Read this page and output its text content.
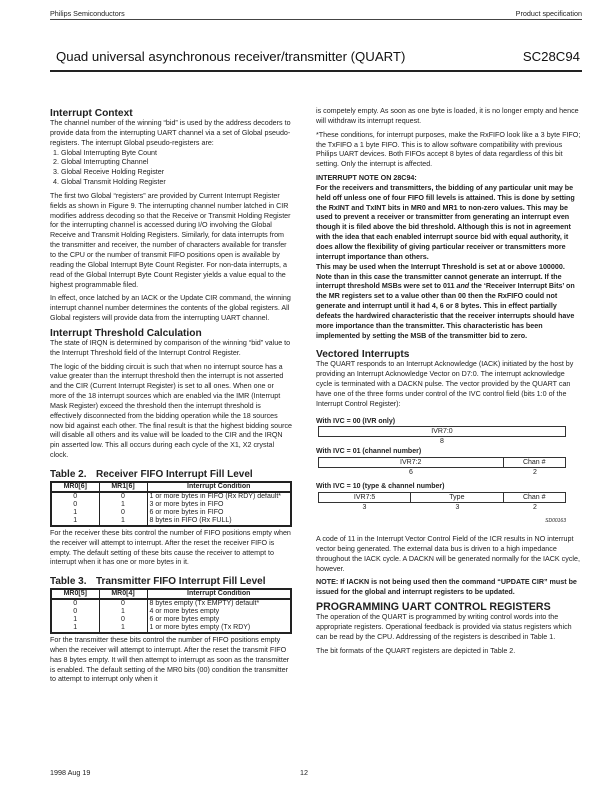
Philips Semiconductors	Product specification
Quad universal asynchronous receiver/transmitter (QUART)	SC28C94
Interrupt Context

The channel number of the winning “bid” is used by the address decoders to provide data from the interrupting UART channel via a set of Global pseudo-registers. The interrupt Global pseudo-registers are:

1. Global Interrupting Byte Count
2. Global Interrupting Channel
3. Global Receive Holding Register
4. Global Transmit Holding Register

The first two Global “registers” are provided by Current Interrupt Register fields as shown in Figure 9. The interrupting channel number latched in CIR modifies address decoding so that the Receive or Transmit Holding Register for the interrupting channel is accessed during I/O involving the Global Receive and Transmit Holding Registers. Similarly, for data interrupts from the transmitter and receiver, the number of characters available for transfer to the CPU or the number of transmit FIFO positions open is available by reading the Global Interrupt Byte Count Register. For non-data interrupts, a read of the Global Interrupt Byte Count Register yields a value equal to the highest programmable filed.

In effect, once latched by an IACK or the Update CIR command, the winning interrupt channel number determines the contents of the global registers. All Global registers will provide data from the interrupting UART channel.

Interrupt Threshold Calculation

The state of IRQN is determined by comparison of the winning “bid” value to the Interrupt Threshold field of the Interrupt Control Register.

The logic of the bidding circuit is such that when no interrupt source has a value greater than the interrupt threshold then the interrupt is not asserted and the CIR (Current Interrupt Register) is set to all ones. When one or more of the 18 interrupt sources which are enabled via the IMR (Interrupt Mask Register) exceed the threshold then the interrupt threshold is effectively disconnected from the bidding operation while the 18 sources now bid against each other. The final result is that the highest bidding source will disable all others and its value will be loaded to the CIR and the IRQN pin asserted low. This all occurs during each cycle of the X1, X2 crystal clock.

Table 2. Receiver FIFO Interrupt Fill Level
MR0[6]	MR1[6]	Interrupt Condition
0	0	1 or more bytes in FIFO (Rx RDY) default*
0	1	3 or more bytes in FIFO
1	0	6 or more bytes in FIFO
1	1	8 bytes in FIFO (Rx FULL)

For the receiver these bits control the number of FIFO positions empty when the receiver will attempt to interrupt. After the reset the receiver FIFO is empty. The default setting of these bits cause the receiver to attempt to interrupt when it has one or more bytes in it.

Table 3. Transmitter FIFO Interrupt Fill Level
MR0[5]	MR0[4]	Interrupt Condition
0	0	8 bytes empty (Tx EMPTY) default*
0	1	4 or more bytes empty
1	0	6 or more bytes empty
1	1	1 or more bytes empty (Tx RDY)

For the transmitter these bits control the number of FIFO positions empty when the receiver will attempt to interrupt. After the reset the transmit FIFO has 8 bytes empty. It will then attempt to interrupt as soon as the transmitter is enabled. The default setting of the MR0 bits (00) condition the transmitter to attempt to interrupt only when it

is competely empty. As soon as one byte is loaded, it is no longer empty and hence will withdraw its interrupt request.

*These conditions, for interrupt purposes, make the RxFIFO look like a 3 byte FIFO; the TxFIFO a 1 byte FIFO. This is to allow software compatibility with previous Philips UART devices. Both FIFOs accept 8 bytes of data regardless of this bit setting. Only the interrupt is affected.

INTERRUPT NOTE ON 28C94:

For the receivers and transmitters, the bidding of any particular unit may be held off unless one of four FIFO fill levels is attained. This is done by setting the RxINT and TxINT bits in MR0 and MR1 to non-zero values. This may be used to prevent a receiver or transmitter from generating an interrupt even though it is filed above the bid threshold. Although this is not in agreement with the idea that each enabled interrupt source bid with equal authority, it does allow the flexibility of giving particular receiver or transmitters more interrupt importance than others.

This may be used when the Interrupt Threshold is set at or above 100000. Note than in this case the transmitter cannot generate an interrupt. If the interrupt threshold MSBs were set to 011 and the ‘Receiver Interrupt Bits’ on the MR registers set to a value other than 00 then the RxFIFO could not generate and interrupt until it had 4, 6 or 8 bytes. This in effect partially defeats the hardwired characteristic that the receiver interrupts should have more importance than the transmitter. This characteristic has been implemented by setting the MSB of the transmitter bid to zero.

Vectored Interrupts

The QUART responds to an Interrupt Acknowledge (IACK) initiated by the host by providing an Interrupt Acknowledge Vector on D7:0. The interrupt acknowledge cycle is terminated with a DACKN pulse. The vector provided by the QUART can have one of the three forms under control of the IVC control field (bits 1:0 of the Interrupt Control Register):

With IVC = 00 (IVR only)
IVR7:0
8
With IVC = 01 (channel number)
IVR7:2	Chan #
6	2
With IVC = 10 (type & channel number)
IVR7:5	Type	Chan #
3	3	2
SD00163

A code of 11 in the Interrupt Vector Control Field of the ICR results in NO interrupt vector being generated. The external data bus is driven to a high impedance throughout the IACK cycle. A DACKN will be generated normally for the IACK cycle, however.

NOTE: If IACKN is not being used then the command “UPDATE CIR” must be issued for the global and interrupt registers to be updated.

PROGRAMMING UART CONTROL REGISTERS

The operation of the QUART is programmed by writing control words into the appropriate registers. Operational feedback is provided via status registers which can be read by the CPU. Addressing of the registers is described in Table 1.

The bit formats of the QUART registers are depicted in Table 2.

1998 Aug 19	12
